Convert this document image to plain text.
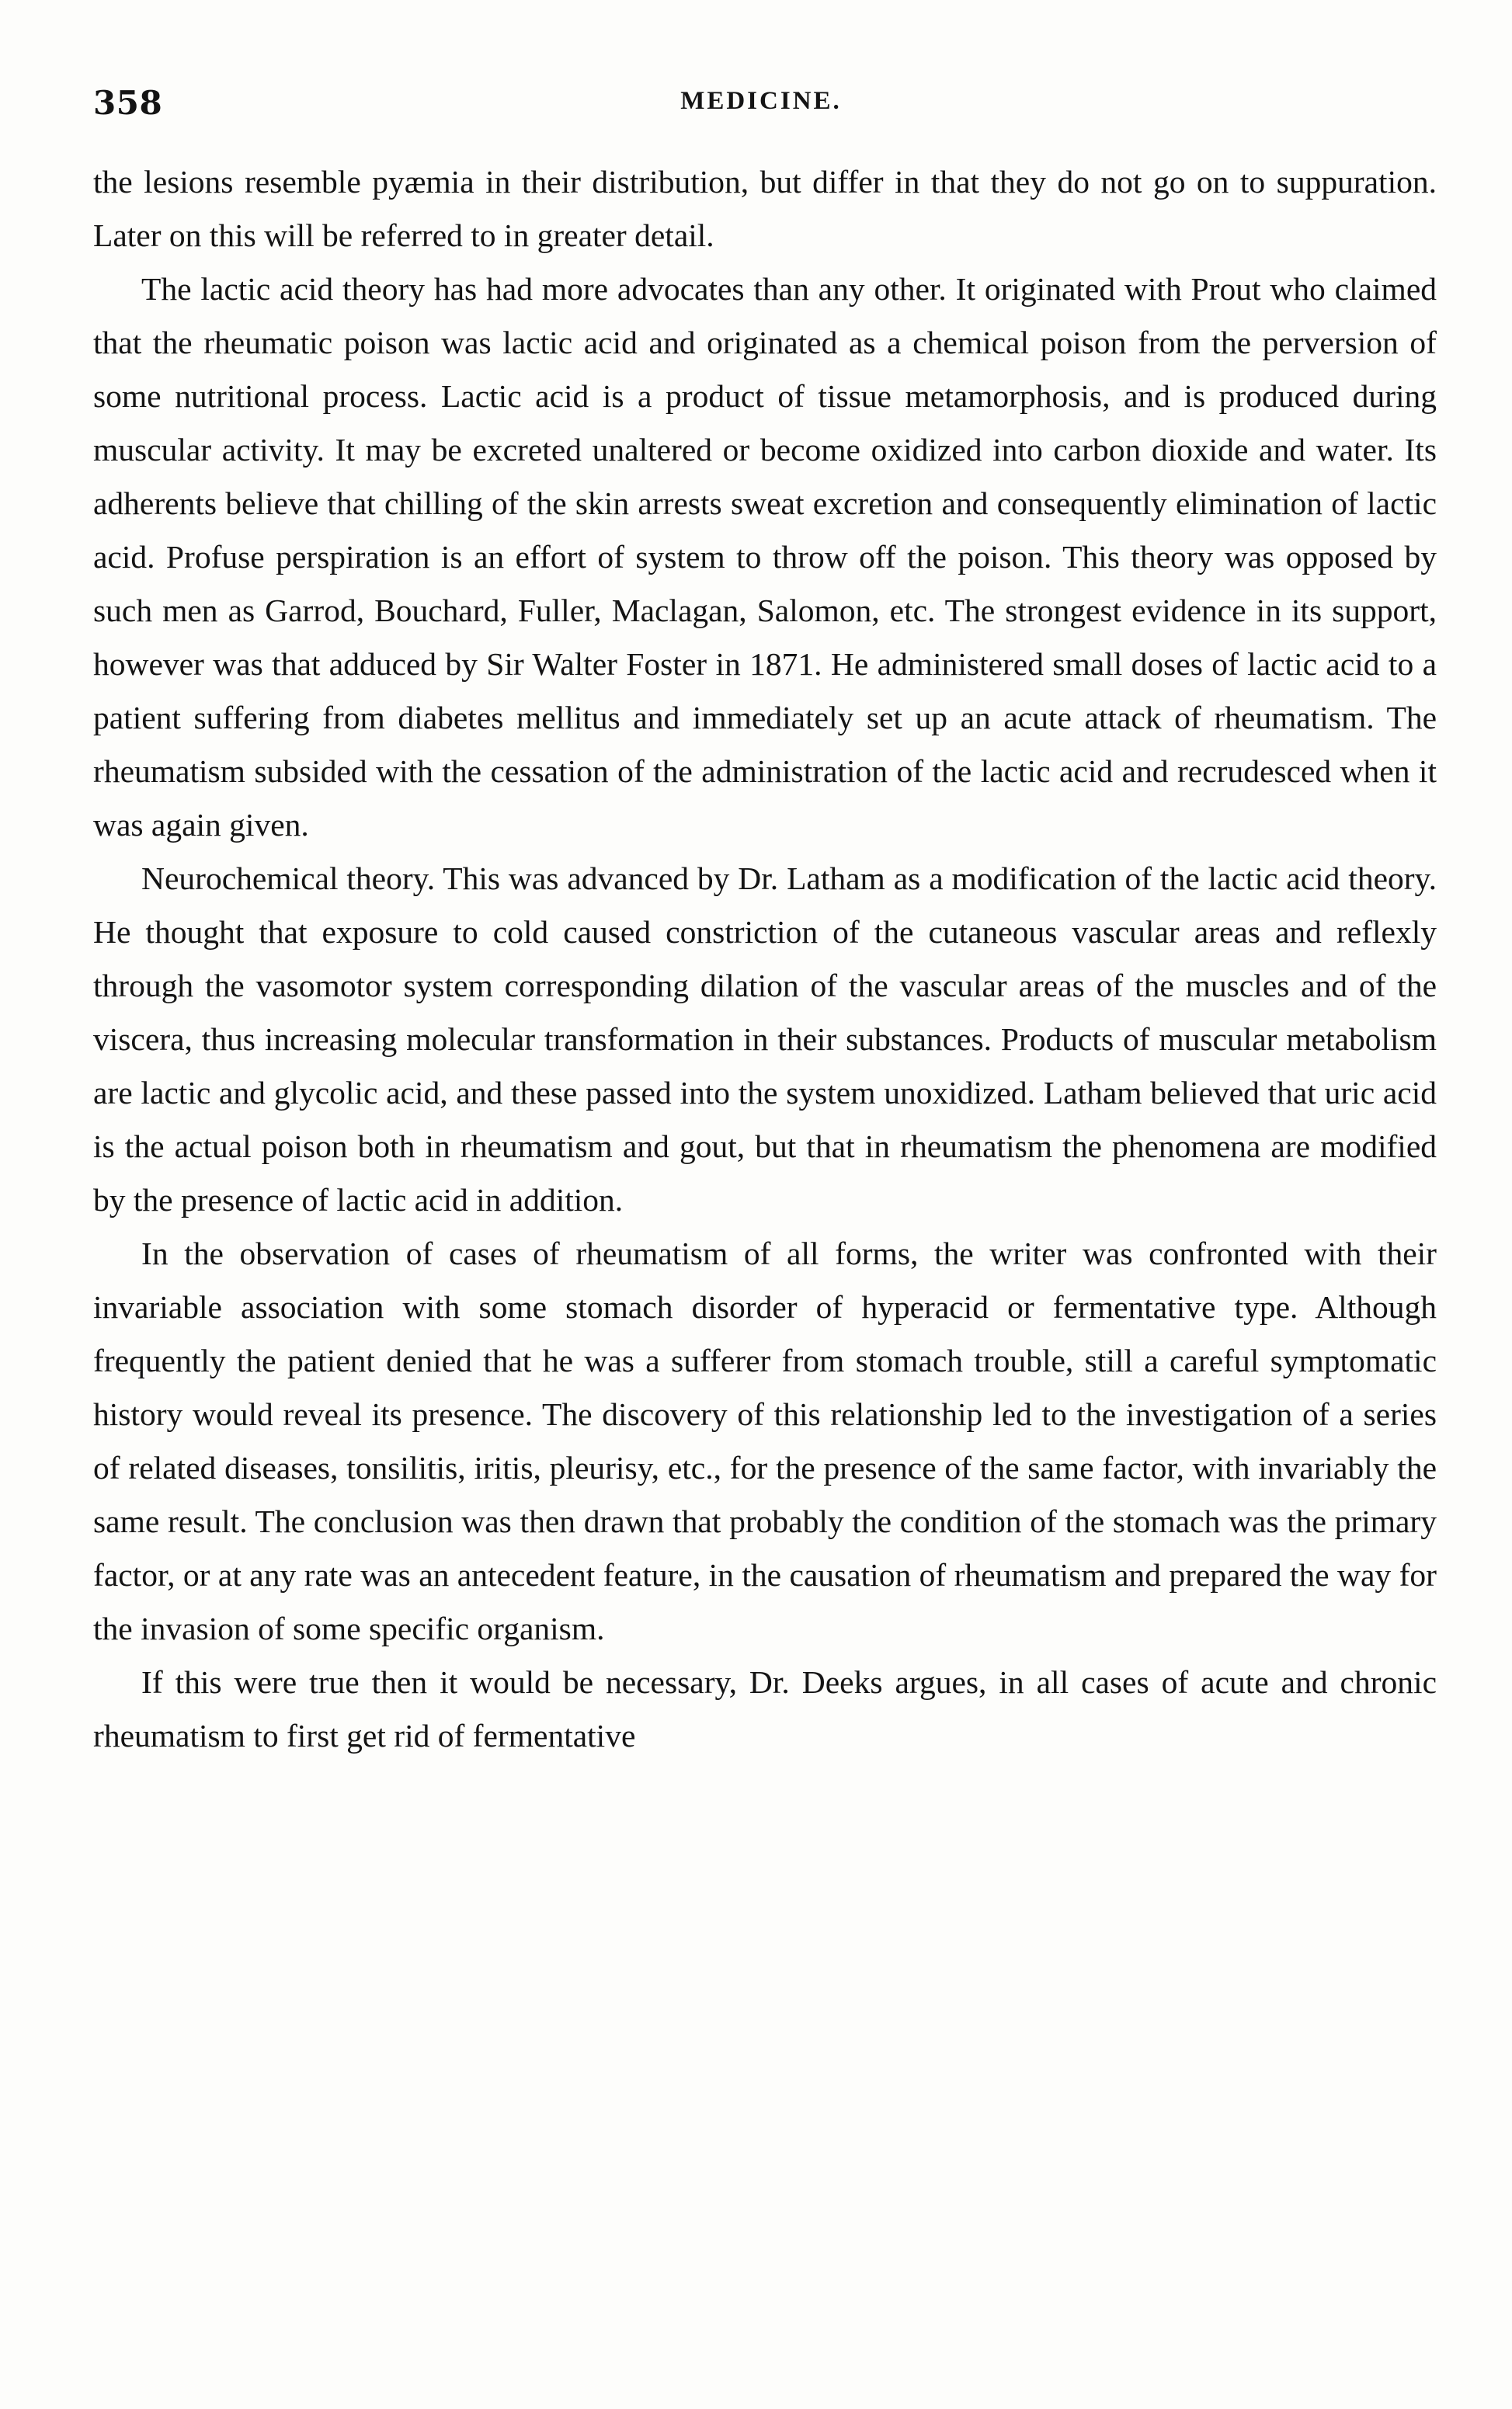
358	MEDICINE.

the lesions resemble pyæmia in their distribution, but differ in that they do not go on to suppuration. Later on this will be referred to in greater detail.

The lactic acid theory has had more advocates than any other. It originated with Prout who claimed that the rheumatic poison was lactic acid and originated as a chemical poison from the perversion of some nutritional process. Lactic acid is a product of tissue metamorphosis, and is produced during muscular activity. It may be excreted unaltered or become oxidized into carbon dioxide and water. Its adherents believe that chilling of the skin arrests sweat excretion and consequently elimination of lactic acid. Profuse perspiration is an effort of system to throw off the poison. This theory was opposed by such men as Garrod, Bouchard, Fuller, Maclagan, Salomon, etc. The strongest evidence in its support, however was that adduced by Sir Walter Foster in 1871. He administered small doses of lactic acid to a patient suffering from diabetes mellitus and immediately set up an acute attack of rheumatism. The rheumatism subsided with the cessation of the administration of the lactic acid and recrudesced when it was again given.

Neurochemical theory. This was advanced by Dr. Latham as a modification of the lactic acid theory. He thought that exposure to cold caused constriction of the cutaneous vascular areas and reflexly through the vasomotor system corresponding dilation of the vascular areas of the muscles and of the viscera, thus increasing molecular transformation in their substances. Products of muscular metabolism are lactic and glycolic acid, and these passed into the system unoxidized. Latham believed that uric acid is the actual poison both in rheumatism and gout, but that in rheumatism the phenomena are modified by the presence of lactic acid in addition.

In the observation of cases of rheumatism of all forms, the writer was confronted with their invariable association with some stomach disorder of hyperacid or fermentative type. Although frequently the patient denied that he was a sufferer from stomach trouble, still a careful symptomatic history would reveal its presence. The discovery of this relationship led to the investigation of a series of related diseases, tonsilitis, iritis, pleurisy, etc., for the presence of the same factor, with invariably the same result. The conclusion was then drawn that probably the condition of the stomach was the primary factor, or at any rate was an antecedent feature, in the causation of rheumatism and prepared the way for the invasion of some specific organism.

If this were true then it would be necessary, Dr. Deeks argues, in all cases of acute and chronic rheumatism to first get rid of fermentative
